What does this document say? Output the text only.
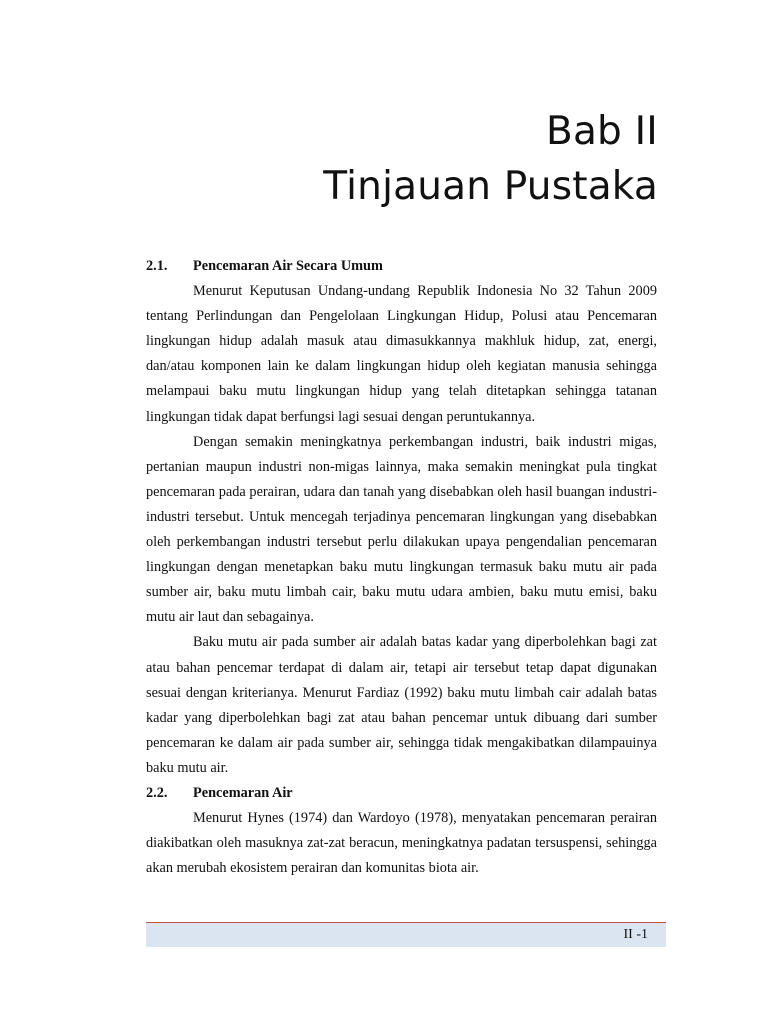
Bab II
Tinjauan Pustaka
2.1.	Pencemaran Air Secara Umum

Menurut Keputusan Undang-undang Republik Indonesia No 32 Tahun 2009 tentang Perlindungan dan Pengelolaan Lingkungan Hidup, Polusi atau Pencemaran lingkungan hidup adalah masuk atau dimasukkannya makhluk hidup, zat, energi, dan/atau komponen lain ke dalam lingkungan hidup oleh kegiatan manusia sehingga melampaui baku mutu lingkungan hidup yang telah ditetapkan sehingga tatanan lingkungan tidak dapat berfungsi lagi sesuai dengan peruntukannya.

Dengan semakin meningkatnya perkembangan industri, baik industri migas, pertanian maupun industri non-migas lainnya, maka semakin meningkat pula tingkat pencemaran pada perairan, udara dan tanah yang disebabkan oleh hasil buangan industri-industri tersebut. Untuk mencegah terjadinya pencemaran lingkungan yang disebabkan oleh perkembangan industri tersebut perlu dilakukan upaya pengendalian pencemaran lingkungan dengan menetapkan baku mutu lingkungan termasuk baku mutu air pada sumber air, baku mutu limbah cair, baku mutu udara ambien, baku mutu emisi, baku mutu air laut dan sebagainya.

Baku mutu air pada sumber air adalah batas kadar yang diperbolehkan bagi zat atau bahan pencemar terdapat di dalam air, tetapi air tersebut tetap dapat digunakan sesuai dengan kriterianya. Menurut Fardiaz (1992) baku mutu limbah cair adalah batas kadar yang diperbolehkan bagi zat atau bahan pencemar untuk dibuang dari sumber pencemaran ke dalam air pada sumber air, sehingga tidak mengakibatkan dilampauinya baku mutu air.

2.2.	Pencemaran Air

Menurut Hynes (1974) dan Wardoyo (1978), menyatakan pencemaran perairan diakibatkan oleh masuknya zat-zat beracun, meningkatnya padatan tersuspensi, sehingga akan merubah ekosistem perairan dan komunitas biota air.

II -1
